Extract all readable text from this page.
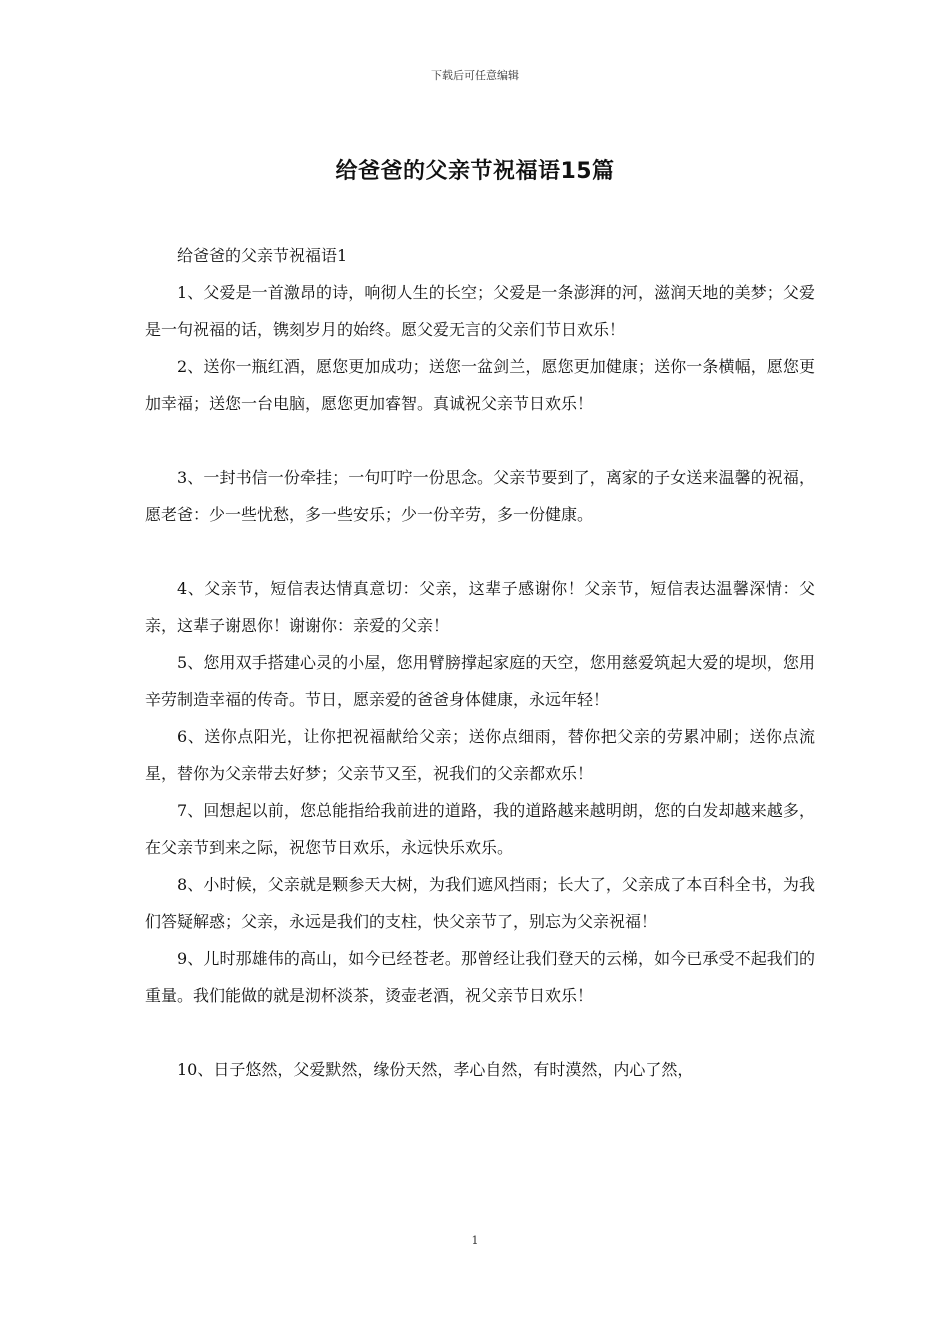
下载后可任意编辑
给爸爸的父亲节祝福语15篇

给爸爸的父亲节祝福语1

1、父爱是一首激昂的诗，响彻人生的长空；父爱是一条澎湃的河，滋润天地的美梦；父爱是一句祝福的话，镌刻岁月的始终。愿父爱无言的父亲们节日欢乐！

2、送你一瓶红酒，愿您更加成功；送您一盆剑兰，愿您更加健康；送你一条横幅，愿您更加幸福；送您一台电脑，愿您更加睿智。真诚祝父亲节日欢乐！

3、一封书信一份牵挂；一句叮咛一份思念。父亲节要到了，离家的子女送来温馨的祝福，愿老爸：少一些忧愁，多一些安乐；少一份辛劳，多一份健康。

4、父亲节，短信表达情真意切：父亲，这辈子感谢你！父亲节，短信表达温馨深情：父亲，这辈子谢恩你！谢谢你：亲爱的父亲！

5、您用双手搭建心灵的小屋，您用臂膀撑起家庭的天空，您用慈爱筑起大爱的堤坝，您用辛劳制造幸福的传奇。节日，愿亲爱的爸爸身体健康，永远年轻！

6、送你点阳光，让你把祝福献给父亲；送你点细雨，替你把父亲的劳累冲刷；送你点流星，替你为父亲带去好梦；父亲节又至，祝我们的父亲都欢乐！

7、回想起以前，您总能指给我前进的道路，我的道路越来越明朗，您的白发却越来越多，在父亲节到来之际，祝您节日欢乐，永远快乐欢乐。

8、小时候，父亲就是颗参天大树，为我们遮风挡雨；长大了，父亲成了本百科全书，为我们答疑解惑；父亲，永远是我们的支柱，快父亲节了，别忘为父亲祝福！

9、儿时那雄伟的高山，如今已经苍老。那曾经让我们登天的云梯，如今已承受不起我们的重量。我们能做的就是沏杯淡茶，烫壶老酒，祝父亲节日欢乐！

10、日子悠然，父爱默然，缘份天然，孝心自然，有时漠然，内心了然，

1
